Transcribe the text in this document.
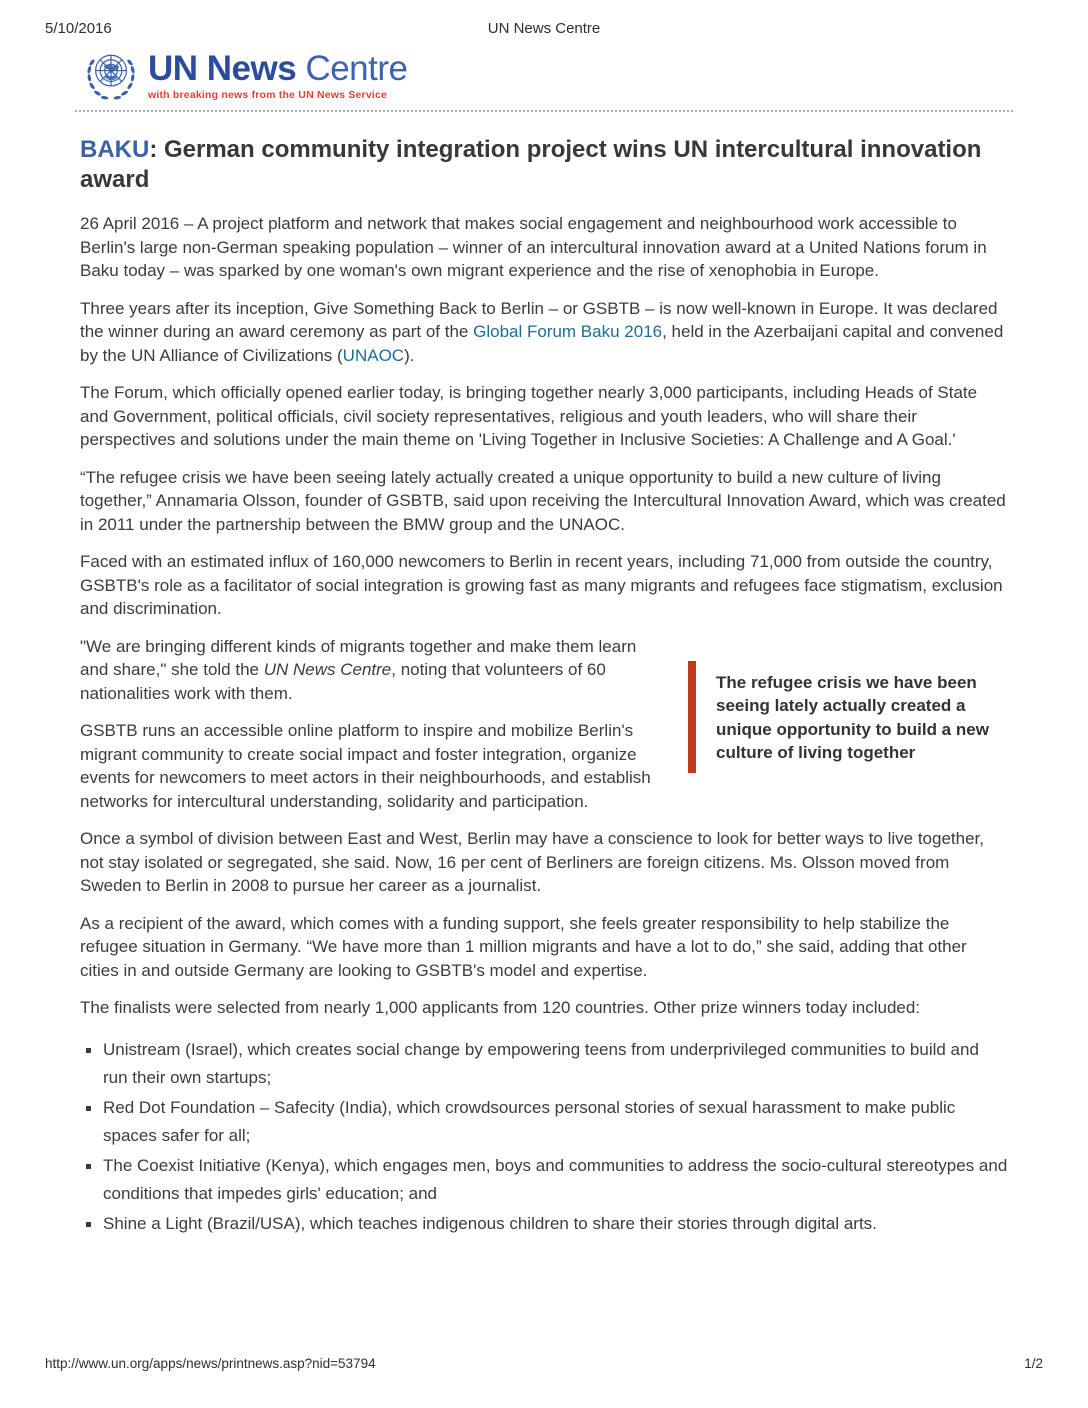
5/10/2016	UN News Centre
UN News Centre
with breaking news from the UN News Service
BAKU: German community integration project wins UN intercultural innovation award

26 April 2016 – A project platform and network that makes social engagement and neighbourhood work accessible to Berlin's large non-German speaking population – winner of an intercultural innovation award at a United Nations forum in Baku today – was sparked by one woman's own migrant experience and the rise of xenophobia in Europe.

Three years after its inception, Give Something Back to Berlin – or GSBTB – is now well-known in Europe. It was declared the winner during an award ceremony as part of the Global Forum Baku 2016, held in the Azerbaijani capital and convened by the UN Alliance of Civilizations (UNAOC).

The Forum, which officially opened earlier today, is bringing together nearly 3,000 participants, including Heads of State and Government, political officials, civil society representatives, religious and youth leaders, who will share their perspectives and solutions under the main theme on 'Living Together in Inclusive Societies: A Challenge and A Goal.'

“The refugee crisis we have been seeing lately actually created a unique opportunity to build a new culture of living together,” Annamaria Olsson, founder of GSBTB, said upon receiving the Intercultural Innovation Award, which was created in 2011 under the partnership between the BMW group and the UNAOC.

Faced with an estimated influx of 160,000 newcomers to Berlin in recent years, including 71,000 from outside the country, GSBTB's role as a facilitator of social integration is growing fast as many migrants and refugees face stigmatism, exclusion and discrimination.

The refugee crisis we have been seeing lately actually created a unique opportunity to build a new culture of living together

"We are bringing different kinds of migrants together and make them learn and share," she told the UN News Centre, noting that volunteers of 60 nationalities work with them.

GSBTB runs an accessible online platform to inspire and mobilize Berlin's migrant community to create social impact and foster integration, organize events for newcomers to meet actors in their neighbourhoods, and establish networks for intercultural understanding, solidarity and participation.

Once a symbol of division between East and West, Berlin may have a conscience to look for better ways to live together, not stay isolated or segregated, she said. Now, 16 per cent of Berliners are foreign citizens. Ms. Olsson moved from Sweden to Berlin in 2008 to pursue her career as a journalist.

As a recipient of the award, which comes with a funding support, she feels greater responsibility to help stabilize the refugee situation in Germany. “We have more than 1 million migrants and have a lot to do,” she said, adding that other cities in and outside Germany are looking to GSBTB's model and expertise.

The finalists were selected from nearly 1,000 applicants from 120 countries. Other prize winners today included:

Unistream (Israel), which creates social change by empowering teens from underprivileged communities to build and run their own startups;
Red Dot Foundation – Safecity (India), which crowdsources personal stories of sexual harassment to make public spaces safer for all;
The Coexist Initiative (Kenya), which engages men, boys and communities to address the socio-cultural stereotypes and conditions that impedes girls' education; and
Shine a Light (Brazil/USA), which teaches indigenous children to share their stories through digital arts.
http://www.un.org/apps/news/printnews.asp?nid=53794	1/2
